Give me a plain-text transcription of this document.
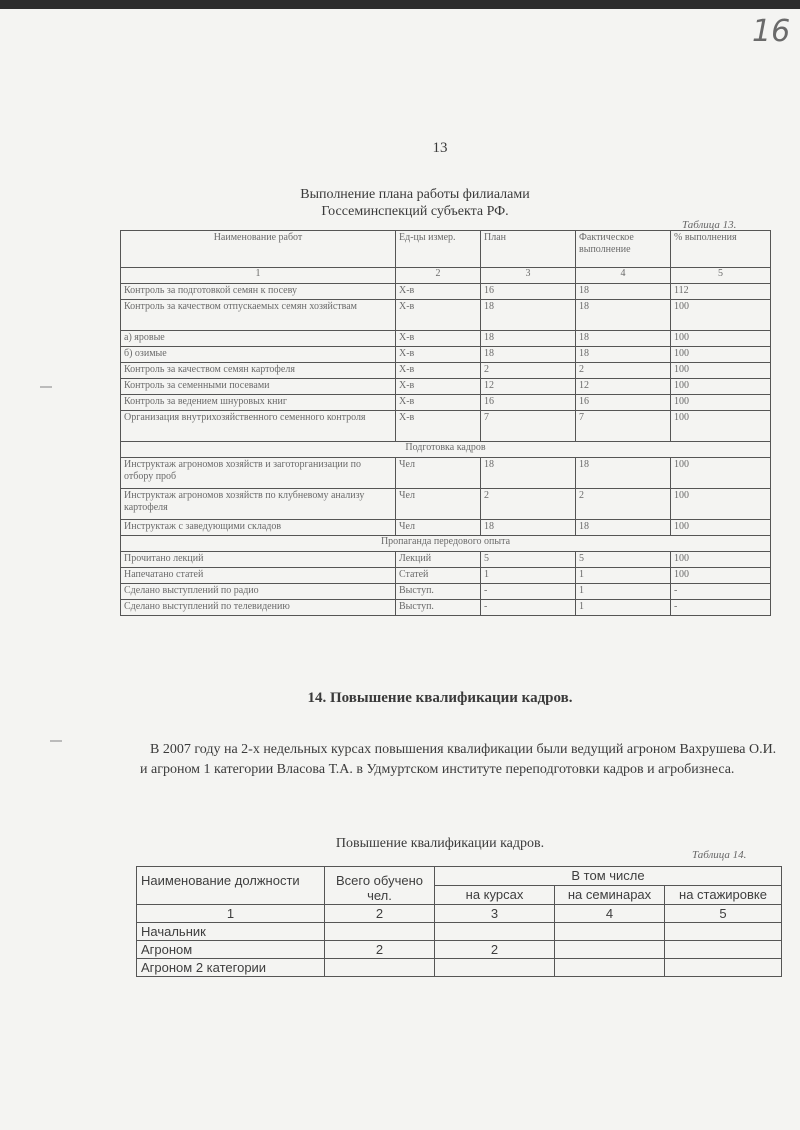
16
13
Выполнение плана работы филиалами
Госсеминспекций субъекта РФ.
Таблица 13.
Наименование работ	Ед-цы измер.	План	Фактическое выполнение	% выполнения
1	2	3	4	5
Контроль за подготовкой семян к посеву	Х-в	16	18	112
Контроль за качеством отпускаемых семян хозяйствам	Х-в	18	18	100
а) яровые	Х-в	18	18	100
б) озимые	Х-в	18	18	100
Контроль за качеством семян картофеля	Х-в	2	2	100
Контроль за семенными посевами	Х-в	12	12	100
Контроль за ведением шнуровых книг	Х-в	16	16	100
Организация внутрихозяйственного семенного контроля	Х-в	7	7	100
Подготовка кадров				
Инструктаж агрономов хозяйств и заготорганизации по отбору проб	Чел	18	18	100
Инструктаж агрономов хозяйств по клубневому анализу картофеля	Чел	2	2	100
Инструктаж с заведующими складов	Чел	18	18	100
Пропаганда передового опыта				
Прочитано лекций	Лекций	5	5	100
Напечатано статей	Статей	1	1	100
Сделано выступлений по радио	Выступ.	-	1	-
Сделано выступлений по телевидению	Выступ.	-	1	-
14. Повышение квалификации кадров.
В 2007 году на 2-х недельных курсах повышения квалификации были ведущий агроном Вахрушева О.И. и агроном 1 категории Власова Т.А. в Удмуртском институте переподготовки кадров и агробизнеса.
Повышение квалификации кадров.
Таблица 14.
Наименование должности	Всего обучено чел.	В том числе		
		на курсах	на семинарах	на стажировке
1	2	3	4	5
Начальник				
Агроном	2	2		
Агроном 2 категории				
